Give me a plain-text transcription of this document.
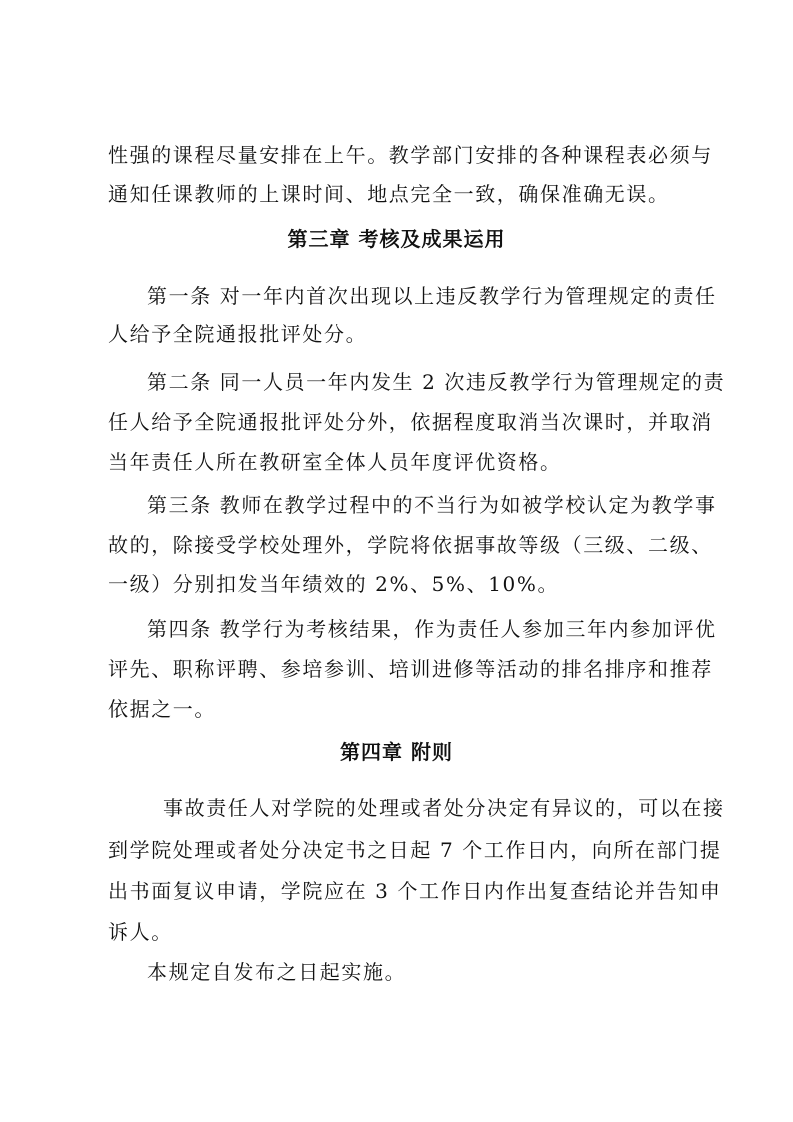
性强的课程尽量安排在上午。教学部门安排的各种课程表必须与
通知任课教师的上课时间、地点完全一致，确保准确无误。
第三章 考核及成果运用
第一条 对一年内首次出现以上违反教学行为管理规定的责任
人给予全院通报批评处分。
第二条 同一人员一年内发生 2 次违反教学行为管理规定的责
任人给予全院通报批评处分外，依据程度取消当次课时，并取消
当年责任人所在教研室全体人员年度评优资格。
第三条 教师在教学过程中的不当行为如被学校认定为教学事
故的，除接受学校处理外，学院将依据事故等级（三级、二级、
一级）分别扣发当年绩效的 2%、5%、10%。
第四条 教学行为考核结果，作为责任人参加三年内参加评优
评先、职称评聘、参培参训、培训进修等活动的排名排序和推荐
依据之一。
第四章 附则
事故责任人对学院的处理或者处分决定有异议的，可以在接
到学院处理或者处分决定书之日起 7 个工作日内，向所在部门提
出书面复议申请，学院应在 3 个工作日内作出复查结论并告知申
诉人。
本规定自发布之日起实施。
